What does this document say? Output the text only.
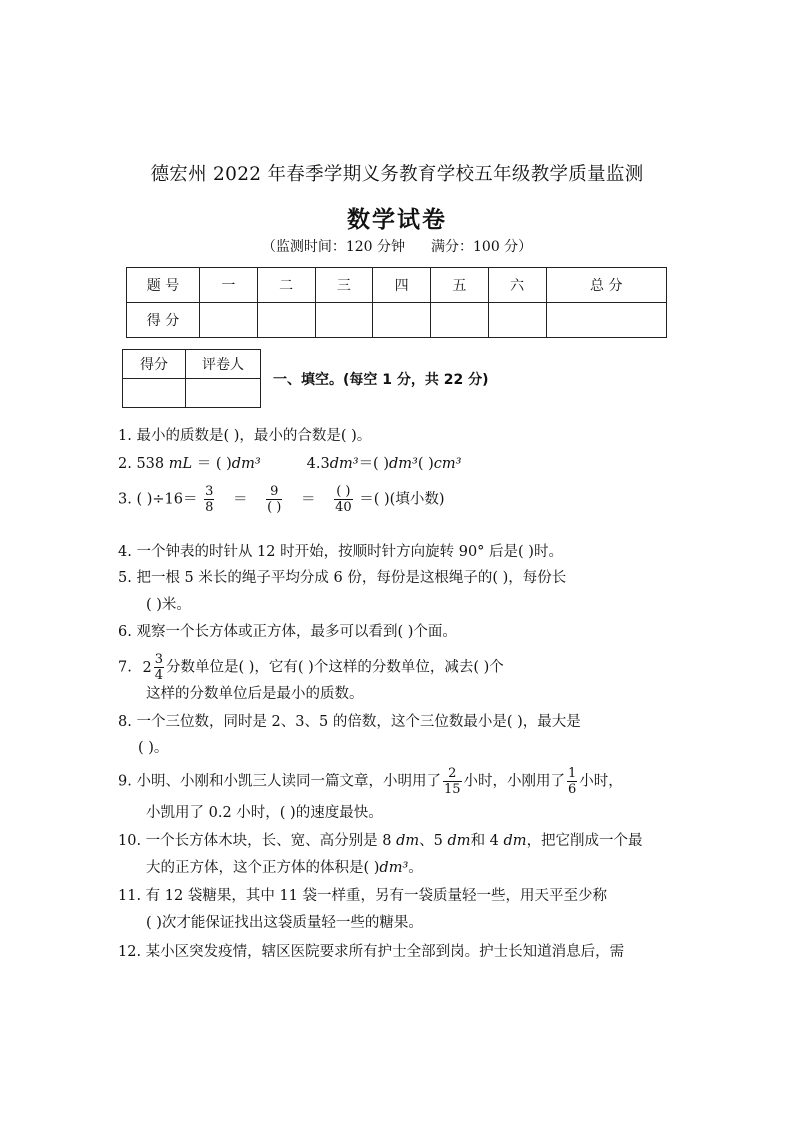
德宏州 2022 年春季学期义务教育学校五年级教学质量监测
数学试卷
（监测时间：120 分钟 满分：100 分）
题 号	一	二	三	四	五	六	总 分
得 分							
得分	评卷人

一、填空。(每空 1 分，共 22 分)
1. 最小的质数是( )，最小的合数是( )。
2. 538 mL ＝ ( )dm³	4.3dm³＝( )dm³( )cm³
3. ( )$\div 16= \frac{3}{8} = \frac{9}{( )} = \frac{( )}{40}$ ＝( )(填小数)
4. 一个钟表的时针从 12 时开始，按顺时针方向旋转 90° 后是( )时。
5. 把一根 5 米长的绳子平均分成 6 份，每份是这根绳子的( )，每份长
( )米。
6. 观察一个长方体或正方体，最多可以看到( )个面。
7. $2 \frac{3}{4}$ 分数单位是( )，它有( )个这样的分数单位，减去( )个
这样的分数单位后是最小的质数。
8. 一个三位数，同时是 2、3、5 的倍数，这个三位数最小是( )，最大是
( )。
9. 小明、小刚和小凯三人读同一篇文章，小明用了 $\frac{2}{15}$ 小时，小刚用了 $\frac{1}{6}$ 小时，
小凯用了 0.2 小时，( )的速度最快。
10. 一个长方体木块，长、宽、高分别是 8 dm、5 dm和 4 dm，把它削成一个最
大的正方体，这个正方体的体积是( )dm³。
11. 有 12 袋糖果，其中 11 袋一样重，另有一袋质量轻一些，用天平至少称
( )次才能保证找出这袋质量轻一些的糖果。
12. 某小区突发疫情，辖区医院要求所有护士全部到岗。护士长知道消息后，需
